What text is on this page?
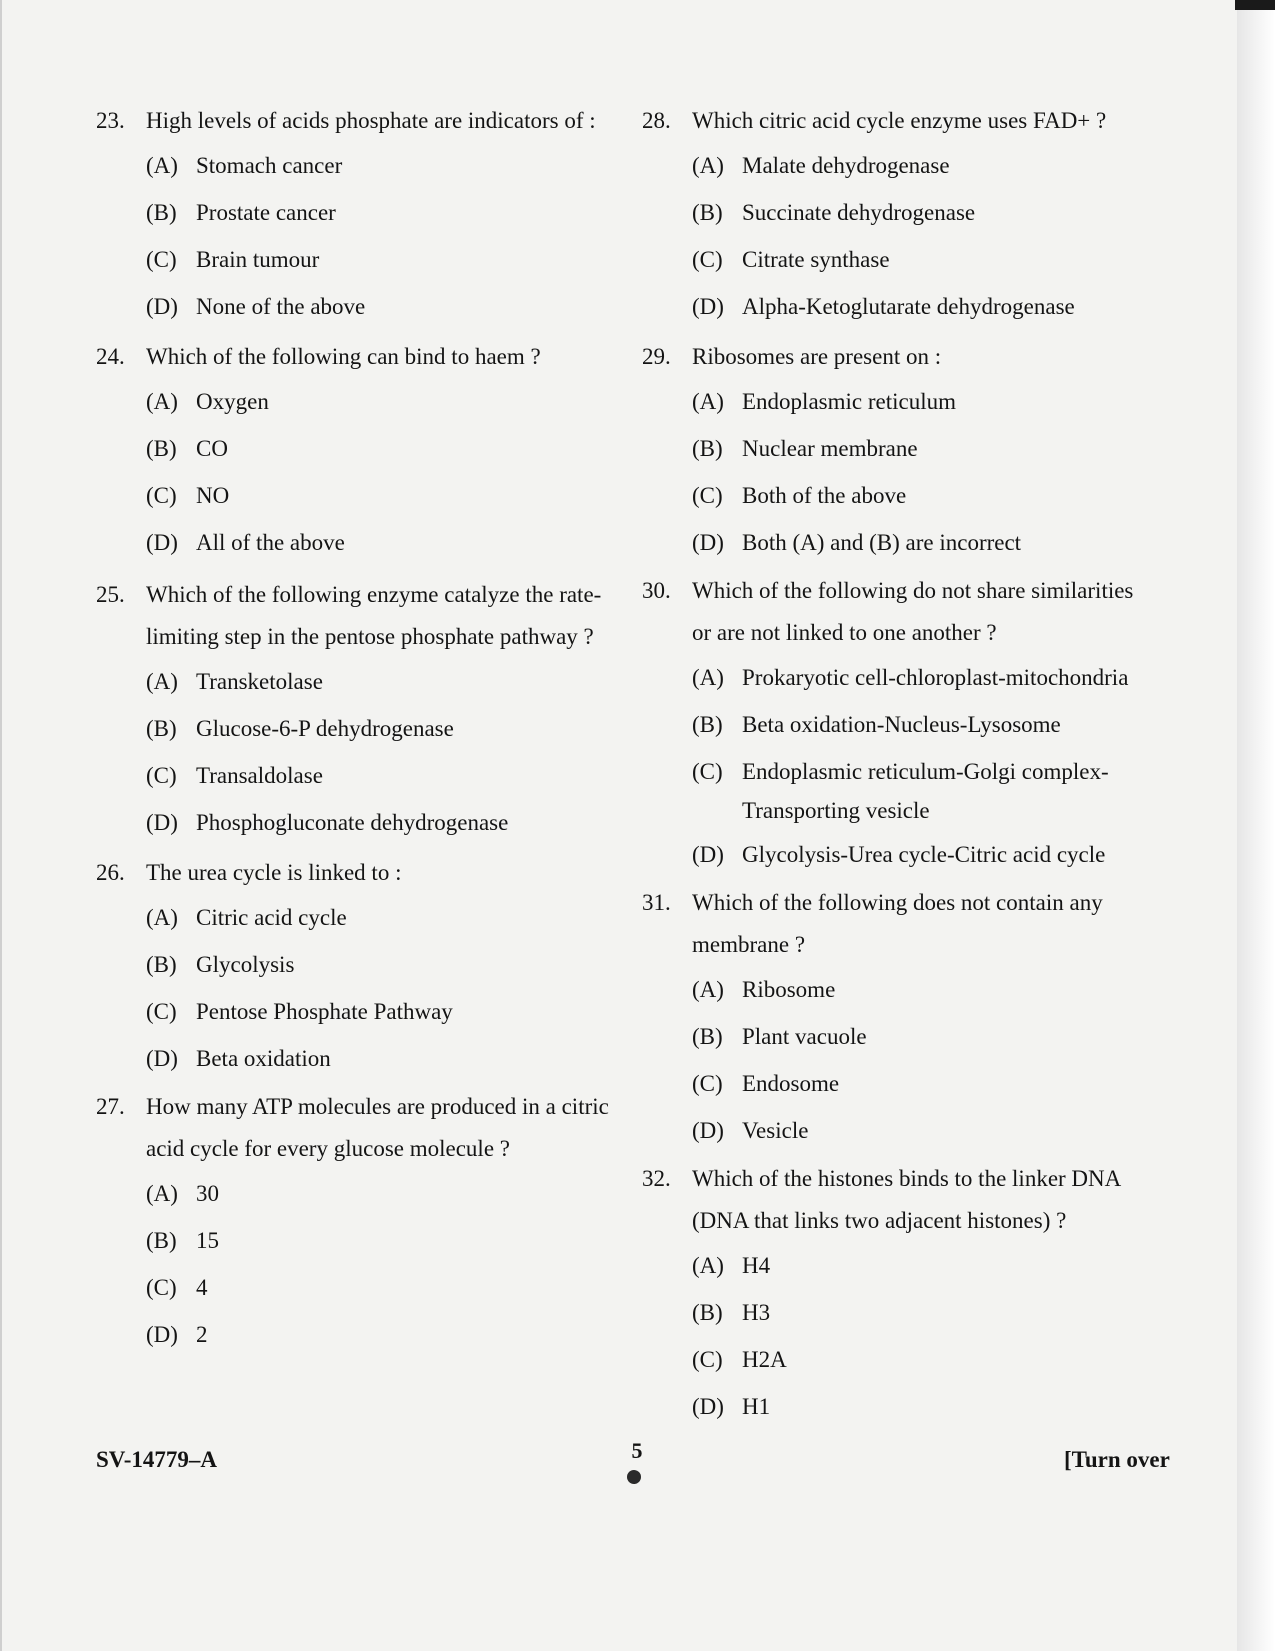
23. High levels of acids phosphate are indicators of :
(A) Stomach cancer
(B) Prostate cancer
(C) Brain tumour
(D) None of the above
24. Which of the following can bind to haem ?
(A) Oxygen
(B) CO
(C) NO
(D) All of the above
25. Which of the following enzyme catalyze the rate-
limiting step in the pentose phosphate pathway ?
(A) Transketolase
(B) Glucose-6-P dehydrogenase
(C) Transaldolase
(D) Phosphogluconate dehydrogenase
26. The urea cycle is linked to :
(A) Citric acid cycle
(B) Glycolysis
(C) Pentose Phosphate Pathway
(D) Beta oxidation
27. How many ATP molecules are produced in a citric
acid cycle for every glucose molecule ?
(A) 30
(B) 15
(C) 4
(D) 2
28. Which citric acid cycle enzyme uses FAD+ ?
(A) Malate dehydrogenase
(B) Succinate dehydrogenase
(C) Citrate synthase
(D) Alpha-Ketoglutarate dehydrogenase
29. Ribosomes are present on :
(A) Endoplasmic reticulum
(B) Nuclear membrane
(C) Both of the above
(D) Both (A) and (B) are incorrect
30. Which of the following do not share similarities
or are not linked to one another ?
(A) Prokaryotic cell-chloroplast-mitochondria
(B) Beta oxidation-Nucleus-Lysosome
(C) Endoplasmic reticulum-Golgi complex-
Transporting vesicle
(D) Glycolysis-Urea cycle-Citric acid cycle
31. Which of the following does not contain any
membrane ?
(A) Ribosome
(B) Plant vacuole
(C) Endosome
(D) Vesicle
32. Which of the histones binds to the linker DNA
(DNA that links two adjacent histones) ?
(A) H4
(B) H3
(C) H2A
(D) H1
SV-14779–A	5	[Turn over
